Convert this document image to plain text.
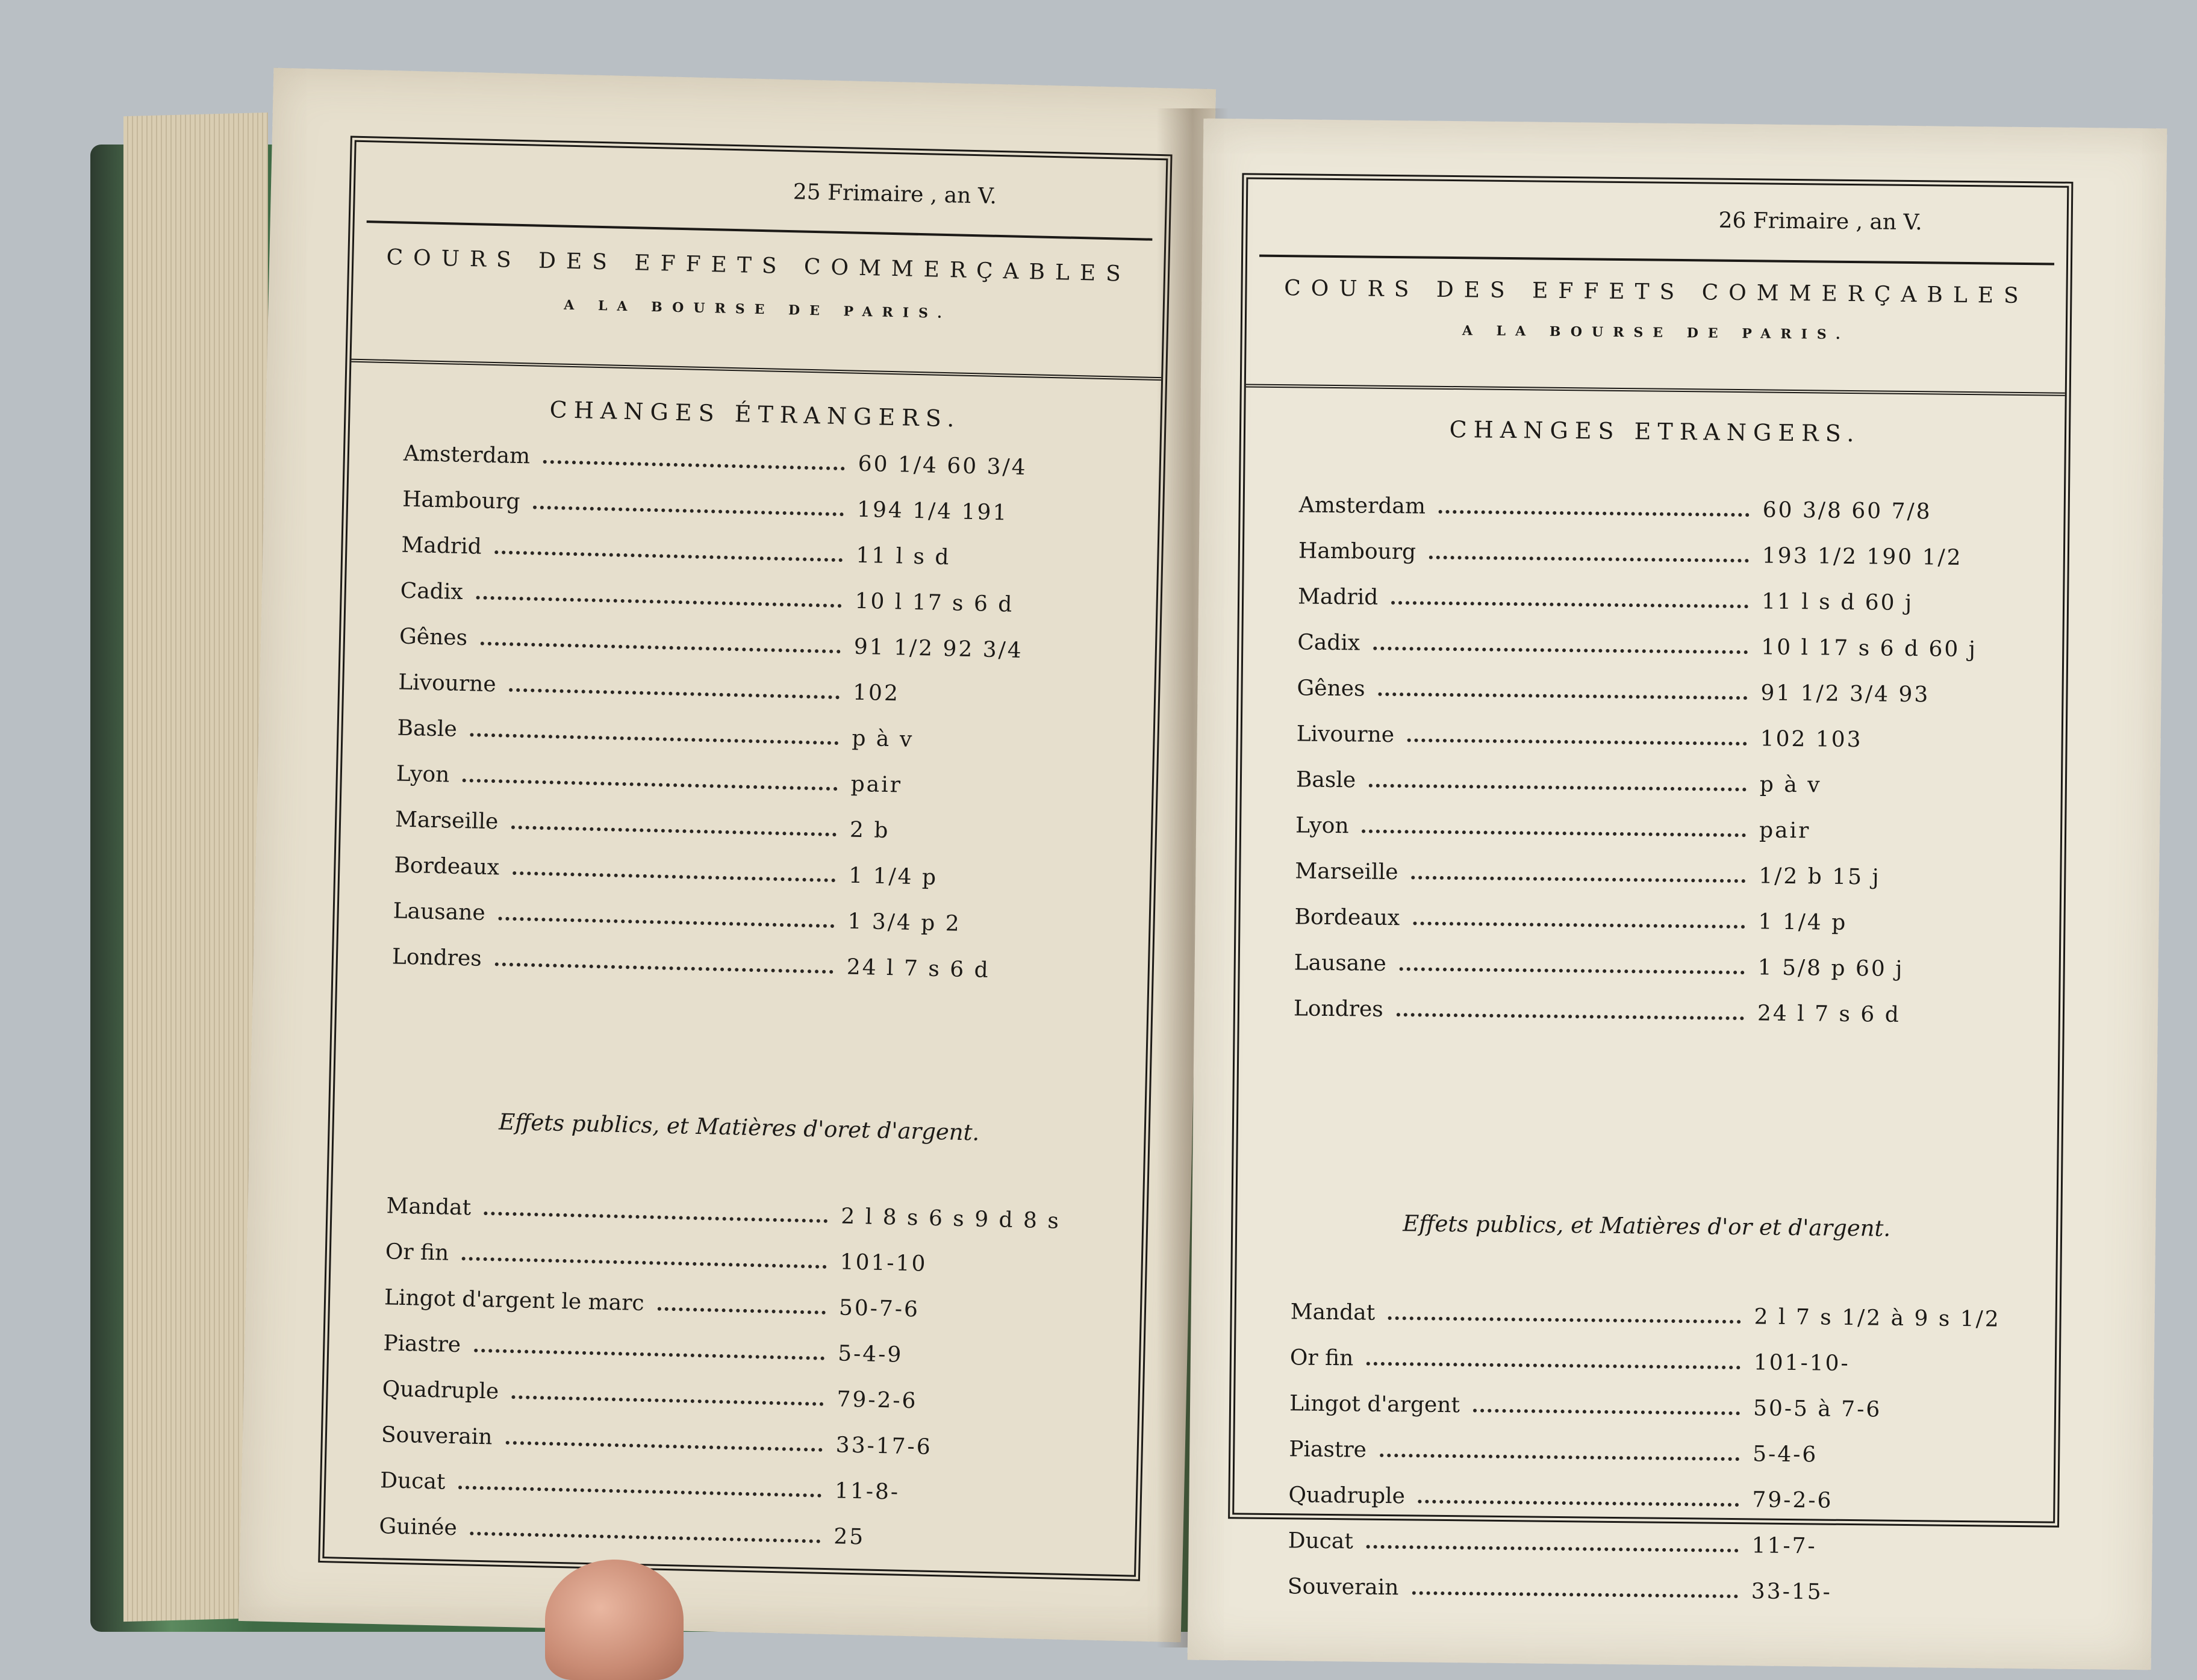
25 Frimaire , an V.
COURS DES EFFETS COMMERÇABLES
A LA BOURSE DE PARIS.
CHANGES ÉTRANGERS.
Amsterdam	60 1/4 60 3/4
Hambourg	194 1/4 191
Madrid	11 l s d
Cadix	10 l 17 s 6 d
Gênes	91 1/2 92 3/4
Livourne	102
Basle	p à v
Lyon	pair
Marseille	2 b
Bordeaux	1 1/4 p
Lausane	1 3/4 p 2
Londres	24 l 7 s 6 d
Effets publics, et Matières d'oret d'argent.
Mandat	2 l 8 s 6 s 9 d 8 s
Or fin	101-10
Lingot d'argent le marc	50-7-6
Piastre	5-4-9
Quadruple	79-2-6
Souverain	33-17-6
Ducat	11-8-
Guinée	25
26 Frimaire , an V.
COURS DES EFFETS COMMERÇABLES
A LA BOURSE DE PARIS.
CHANGES ETRANGERS.
Amsterdam	60 3/8 60 7/8
Hambourg	193 1/2 190 1/2
Madrid	11 l s d 60 j
Cadix	10 l 17 s 6 d 60 j
Gênes	91 1/2 3/4 93
Livourne	102 103
Basle	p à v
Lyon	pair
Marseille	1/2 b 15 j
Bordeaux	1 1/4 p
Lausane	1 5/8 p 60 j
Londres	24 l 7 s 6 d
Effets publics, et Matières d'or et d'argent.
Mandat	2 l 7 s 1/2 à 9 s 1/2
Or fin	101-10-
Lingot d'argent	50-5 à 7-6
Piastre	5-4-6
Quadruple	79-2-6
Ducat	11-7-
Souverain	33-15-
